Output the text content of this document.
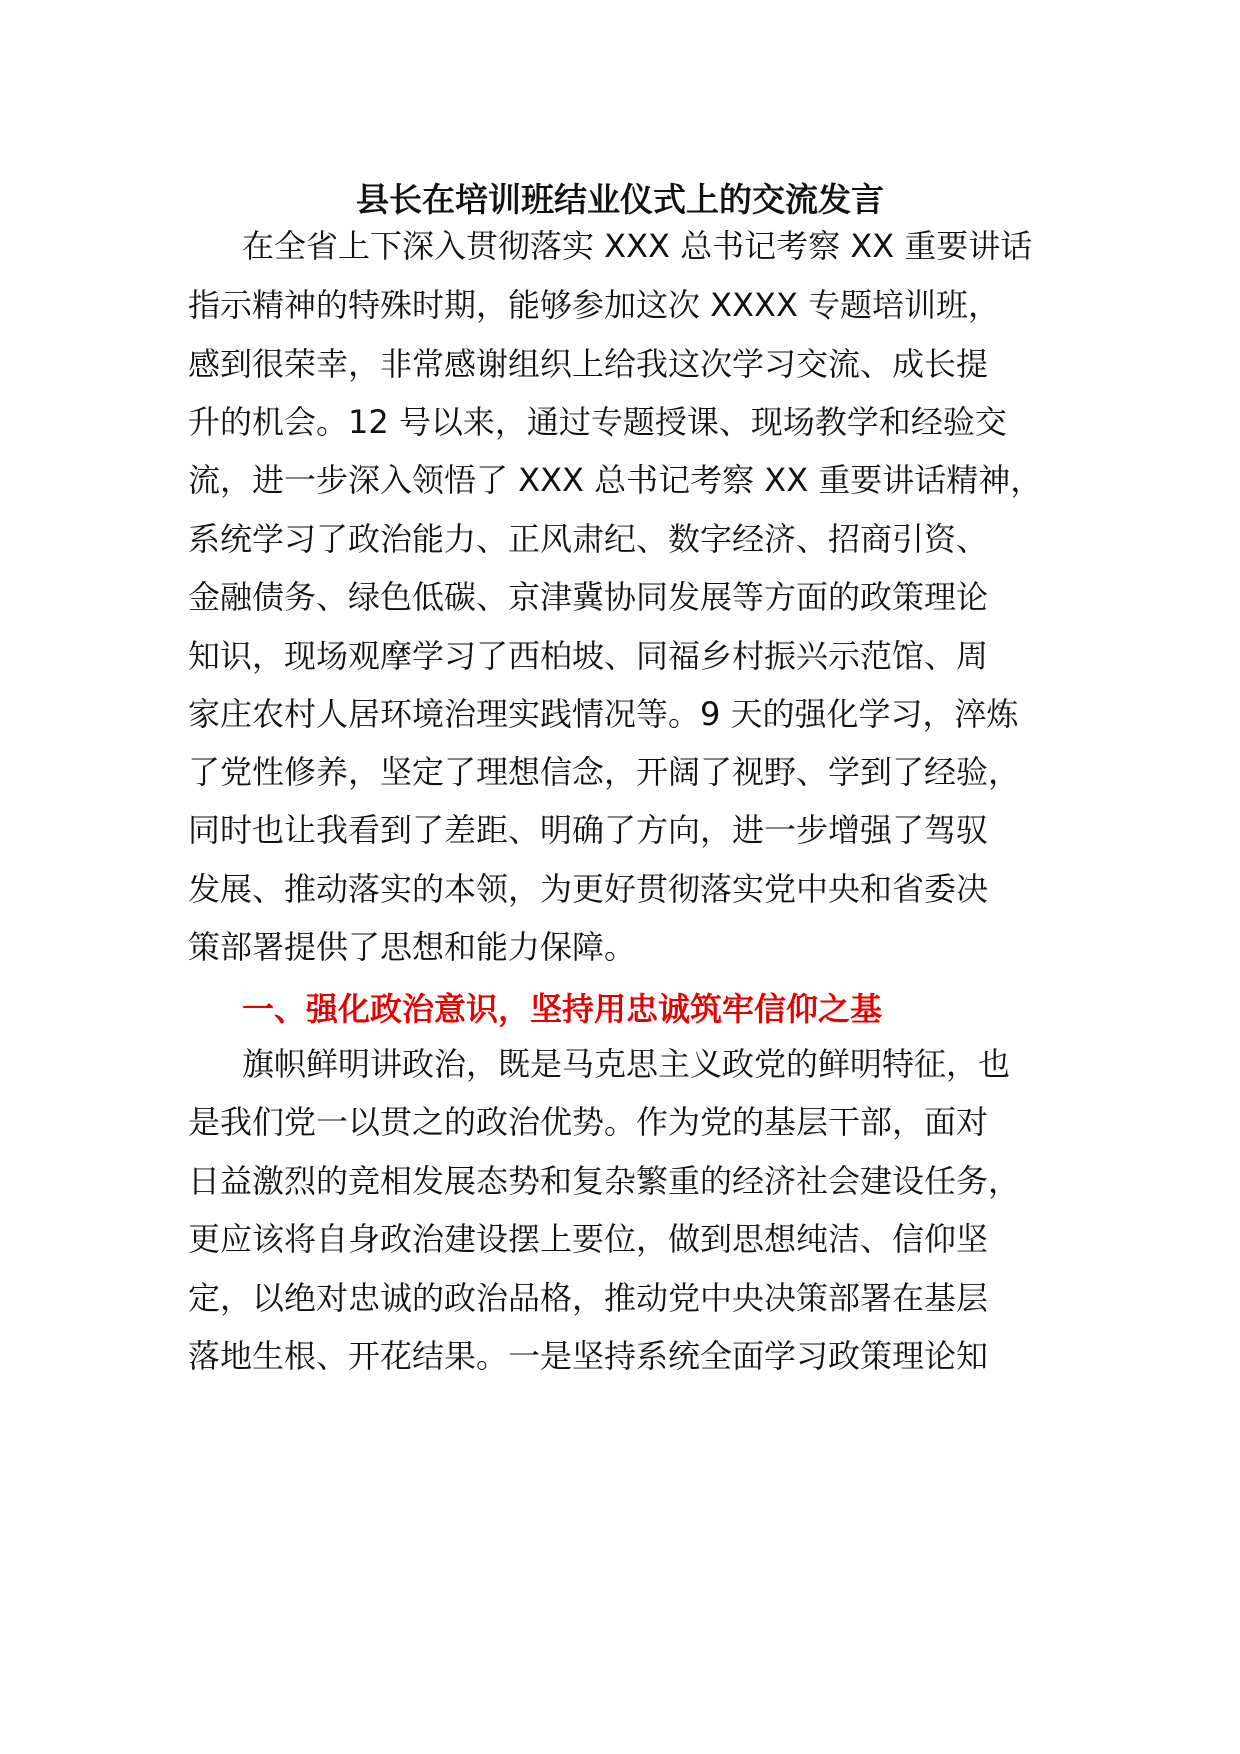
县长在培训班结业仪式上的交流发言
在全省上下深入贯彻落实 XXX 总书记考察 XX 重要讲话
指示精神的特殊时期，能够参加这次 XXXX 专题培训班，
感到很荣幸，非常感谢组织上给我这次学习交流、成长提
升的机会。12 号以来，通过专题授课、现场教学和经验交
流，进一步深入领悟了 XXX 总书记考察 XX 重要讲话精神，
系统学习了政治能力、正风肃纪、数字经济、招商引资、
金融债务、绿色低碳、京津冀协同发展等方面的政策理论
知识，现场观摩学习了西柏坡、同福乡村振兴示范馆、周
家庄农村人居环境治理实践情况等。9 天的强化学习，淬炼
了党性修养，坚定了理想信念，开阔了视野、学到了经验，
同时也让我看到了差距、明确了方向，进一步增强了驾驭
发展、推动落实的本领，为更好贯彻落实党中央和省委决
策部署提供了思想和能力保障。
一、强化政治意识，坚持用忠诚筑牢信仰之基
旗帜鲜明讲政治，既是马克思主义政党的鲜明特征，也
是我们党一以贯之的政治优势。作为党的基层干部，面对
日益激烈的竞相发展态势和复杂繁重的经济社会建设任务，
更应该将自身政治建设摆上要位，做到思想纯洁、信仰坚
定，以绝对忠诚的政治品格，推动党中央决策部署在基层
落地生根、开花结果。一是坚持系统全面学习政策理论知
